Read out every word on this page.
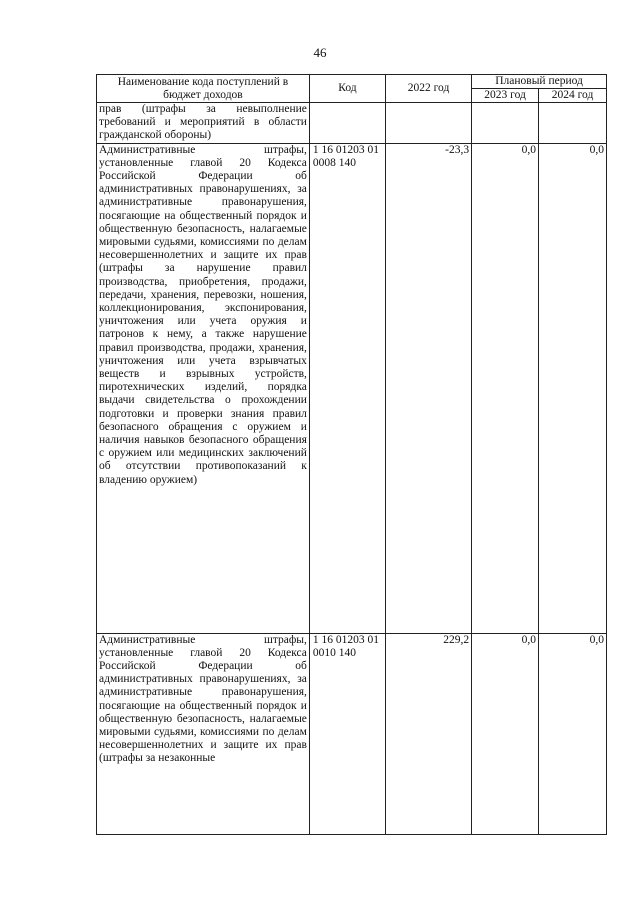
46
Наименование кода поступлений в бюджет доходов	Код	2022 год	Плановый период	
			2023 год	2024 год
прав (штрафы за невыполнение требований и мероприятий в области гражданской обороны)				
Административные штрафы, установленные главой 20 Кодекса Российской Федерации об административных правонарушениях, за административные правонарушения, посягающие на общественный порядок и общественную безопасность, налагаемые мировыми судьями, комиссиями по делам несовершеннолетних и защите их прав (штрафы за нарушение правил производства, приобретения, продажи, передачи, хранения, перевозки, ношения, коллекционирования, экспонирования, уничтожения или учета оружия и патронов к нему, а также нарушение правил производства, продажи, хранения, уничтожения или учета взрывчатых веществ и взрывных устройств, пиротехнических изделий, порядка выдачи свидетельства о прохождении подготовки и проверки знания правил безопасного обращения с оружием и наличия навыков безопасного обращения с оружием или медицинских заключений об отсутствии противопоказаний к владению оружием)	1 16 01203 01 0008 140	-23,3	0,0	0,0
Административные штрафы, установленные главой 20 Кодекса Российской Федерации об административных правонарушениях, за административные правонарушения, посягающие на общественный порядок и общественную безопасность, налагаемые мировыми судьями, комиссиями по делам несовершеннолетних и защите их прав (штрафы за незаконные	1 16 01203 01 0010 140	229,2	0,0	0,0
